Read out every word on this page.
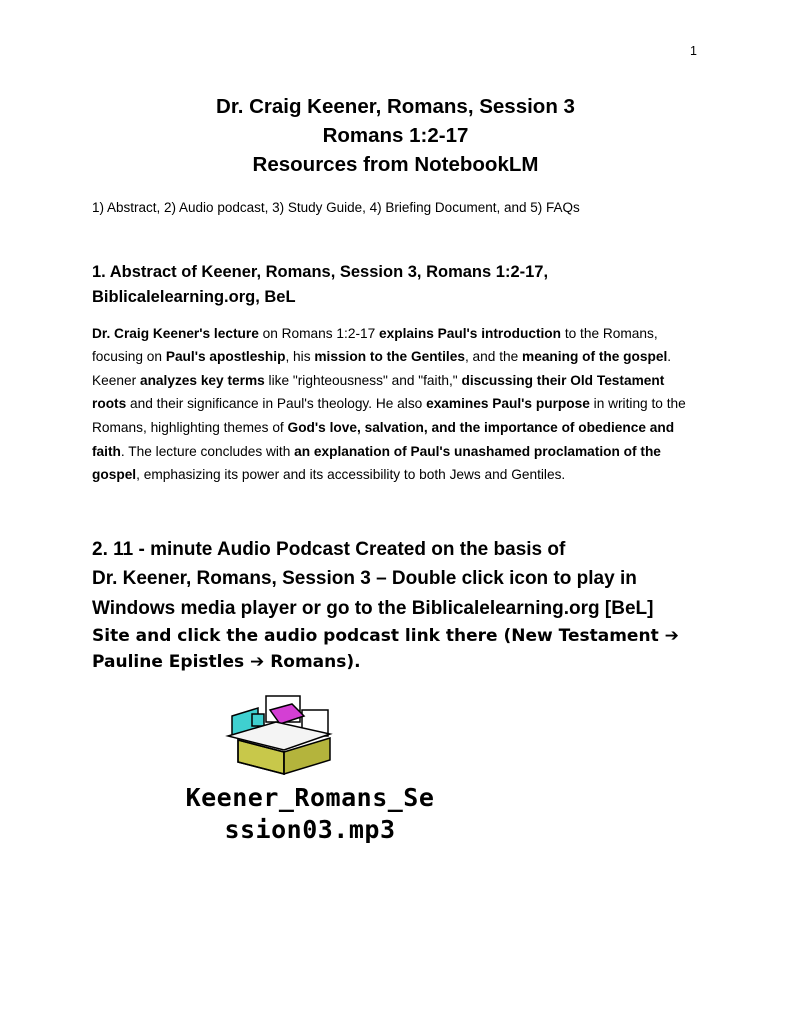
1
Dr. Craig Keener, Romans, Session 3
Romans 1:2-17
Resources from NotebookLM
1) Abstract, 2) Audio podcast, 3) Study Guide, 4) Briefing Document, and 5) FAQs
1. Abstract of Keener, Romans, Session 3, Romans 1:2-17,
Biblicalelearning.org, BeL
Dr. Craig Keener's lecture on Romans 1:2-17 explains Paul's introduction to the Romans, focusing on Paul's apostleship, his mission to the Gentiles, and the meaning of the gospel. Keener analyzes key terms like "righteousness" and "faith," discussing their Old Testament roots and their significance in Paul's theology. He also examines Paul's purpose in writing to the Romans, highlighting themes of God's love, salvation, and the importance of obedience and faith. The lecture concludes with an explanation of Paul's unashamed proclamation of the gospel, emphasizing its power and its accessibility to both Jews and Gentiles.
2. 11 - minute Audio Podcast Created on the basis of
Dr. Keener, Romans, Session 3 – Double click icon to play in
Windows media player or go to the Biblicalelearning.org [BeL]
Site and click the audio podcast link there (New Testament ➔
Pauline Epistles ➔ Romans).
Keener_Romans_Se
ssion03.mp3
